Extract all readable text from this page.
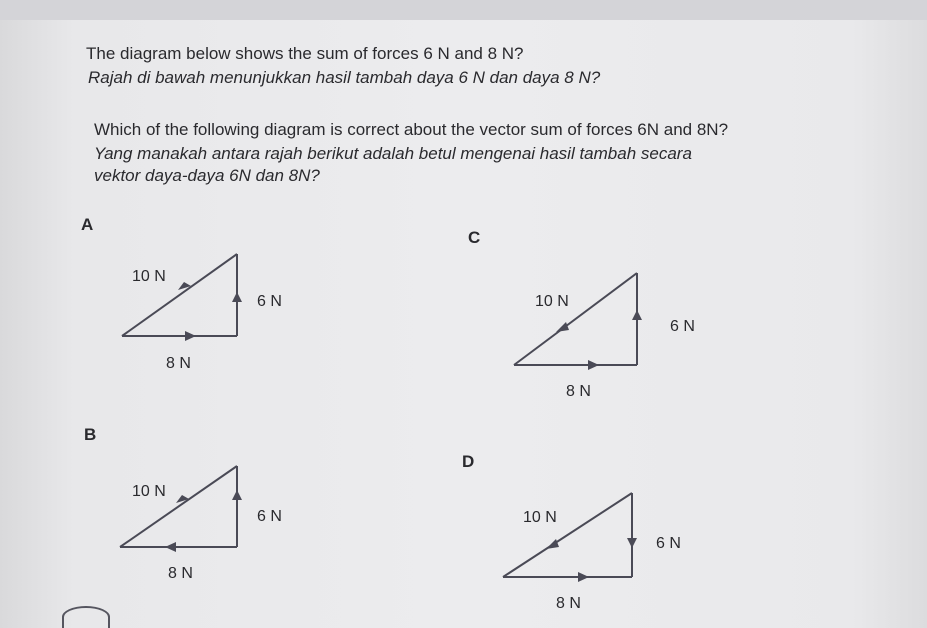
The diagram below shows the sum of forces 6 N and 8 N?
Rajah di bawah menunjukkan hasil tambah daya 6 N dan daya 8 N?
Which of the following diagram is correct about the vector sum of forces 6N and 8N?
Yang manakah antara rajah berikut adalah betul mengenai hasil tambah secara
vektor daya-daya 6N dan 8N?
A
10 N
6 N
8 N
B
10 N
6 N
8 N
C
10 N
6 N
8 N
D
10 N
6 N
8 N
